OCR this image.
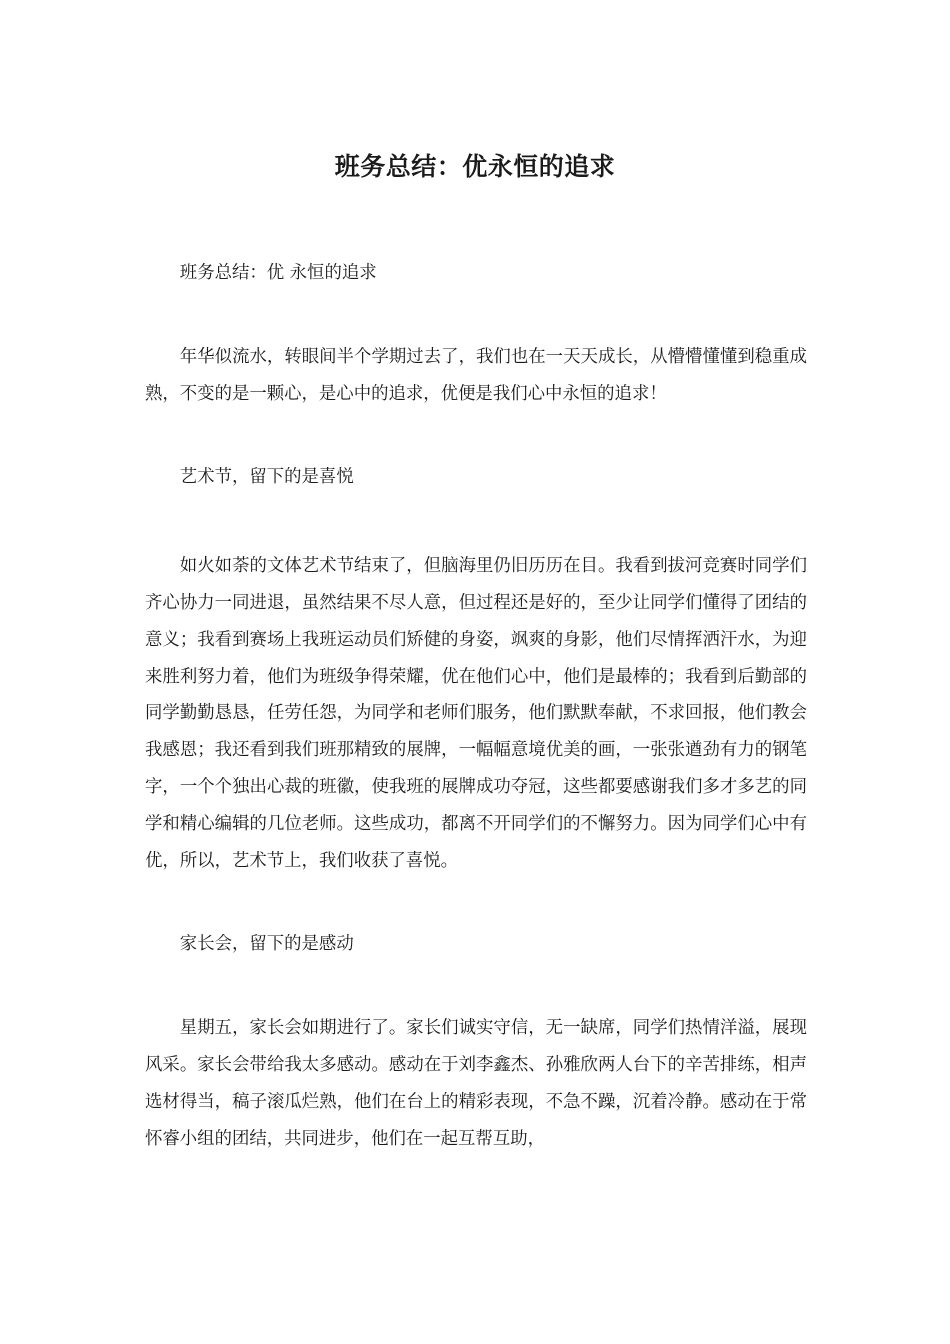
班务总结：优永恒的追求

班务总结：优 永恒的追求

年华似流水，转眼间半个学期过去了，我们也在一天天成长，从懵懵懂懂到稳重成熟，不变的是一颗心，是心中的追求，优便是我们心中永恒的追求！

艺术节，留下的是喜悦

如火如荼的文体艺术节结束了，但脑海里仍旧历历在目。我看到拔河竞赛时同学们齐心协力一同进退，虽然结果不尽人意，但过程还是好的，至少让同学们懂得了团结的意义；我看到赛场上我班运动员们矫健的身姿，飒爽的身影，他们尽情挥洒汗水，为迎来胜利努力着，他们为班级争得荣耀，优在他们心中，他们是最棒的；我看到后勤部的同学勤勤恳恳，任劳任怨，为同学和老师们服务，他们默默奉献，不求回报，他们教会我感恩；我还看到我们班那精致的展牌，一幅幅意境优美的画，一张张遒劲有力的钢笔字，一个个独出心裁的班徽，使我班的展牌成功夺冠，这些都要感谢我们多才多艺的同学和精心编辑的几位老师。这些成功，都离不开同学们的不懈努力。因为同学们心中有优，所以，艺术节上，我们收获了喜悦。

家长会，留下的是感动

星期五，家长会如期进行了。家长们诚实守信，无一缺席，同学们热情洋溢，展现风采。家长会带给我太多感动。感动在于刘李鑫杰、孙雅欣两人台下的辛苦排练，相声选材得当，稿子滚瓜烂熟，他们在台上的精彩表现，不急不躁，沉着冷静。感动在于常怀睿小组的团结，共同进步，他们在一起互帮互助，
